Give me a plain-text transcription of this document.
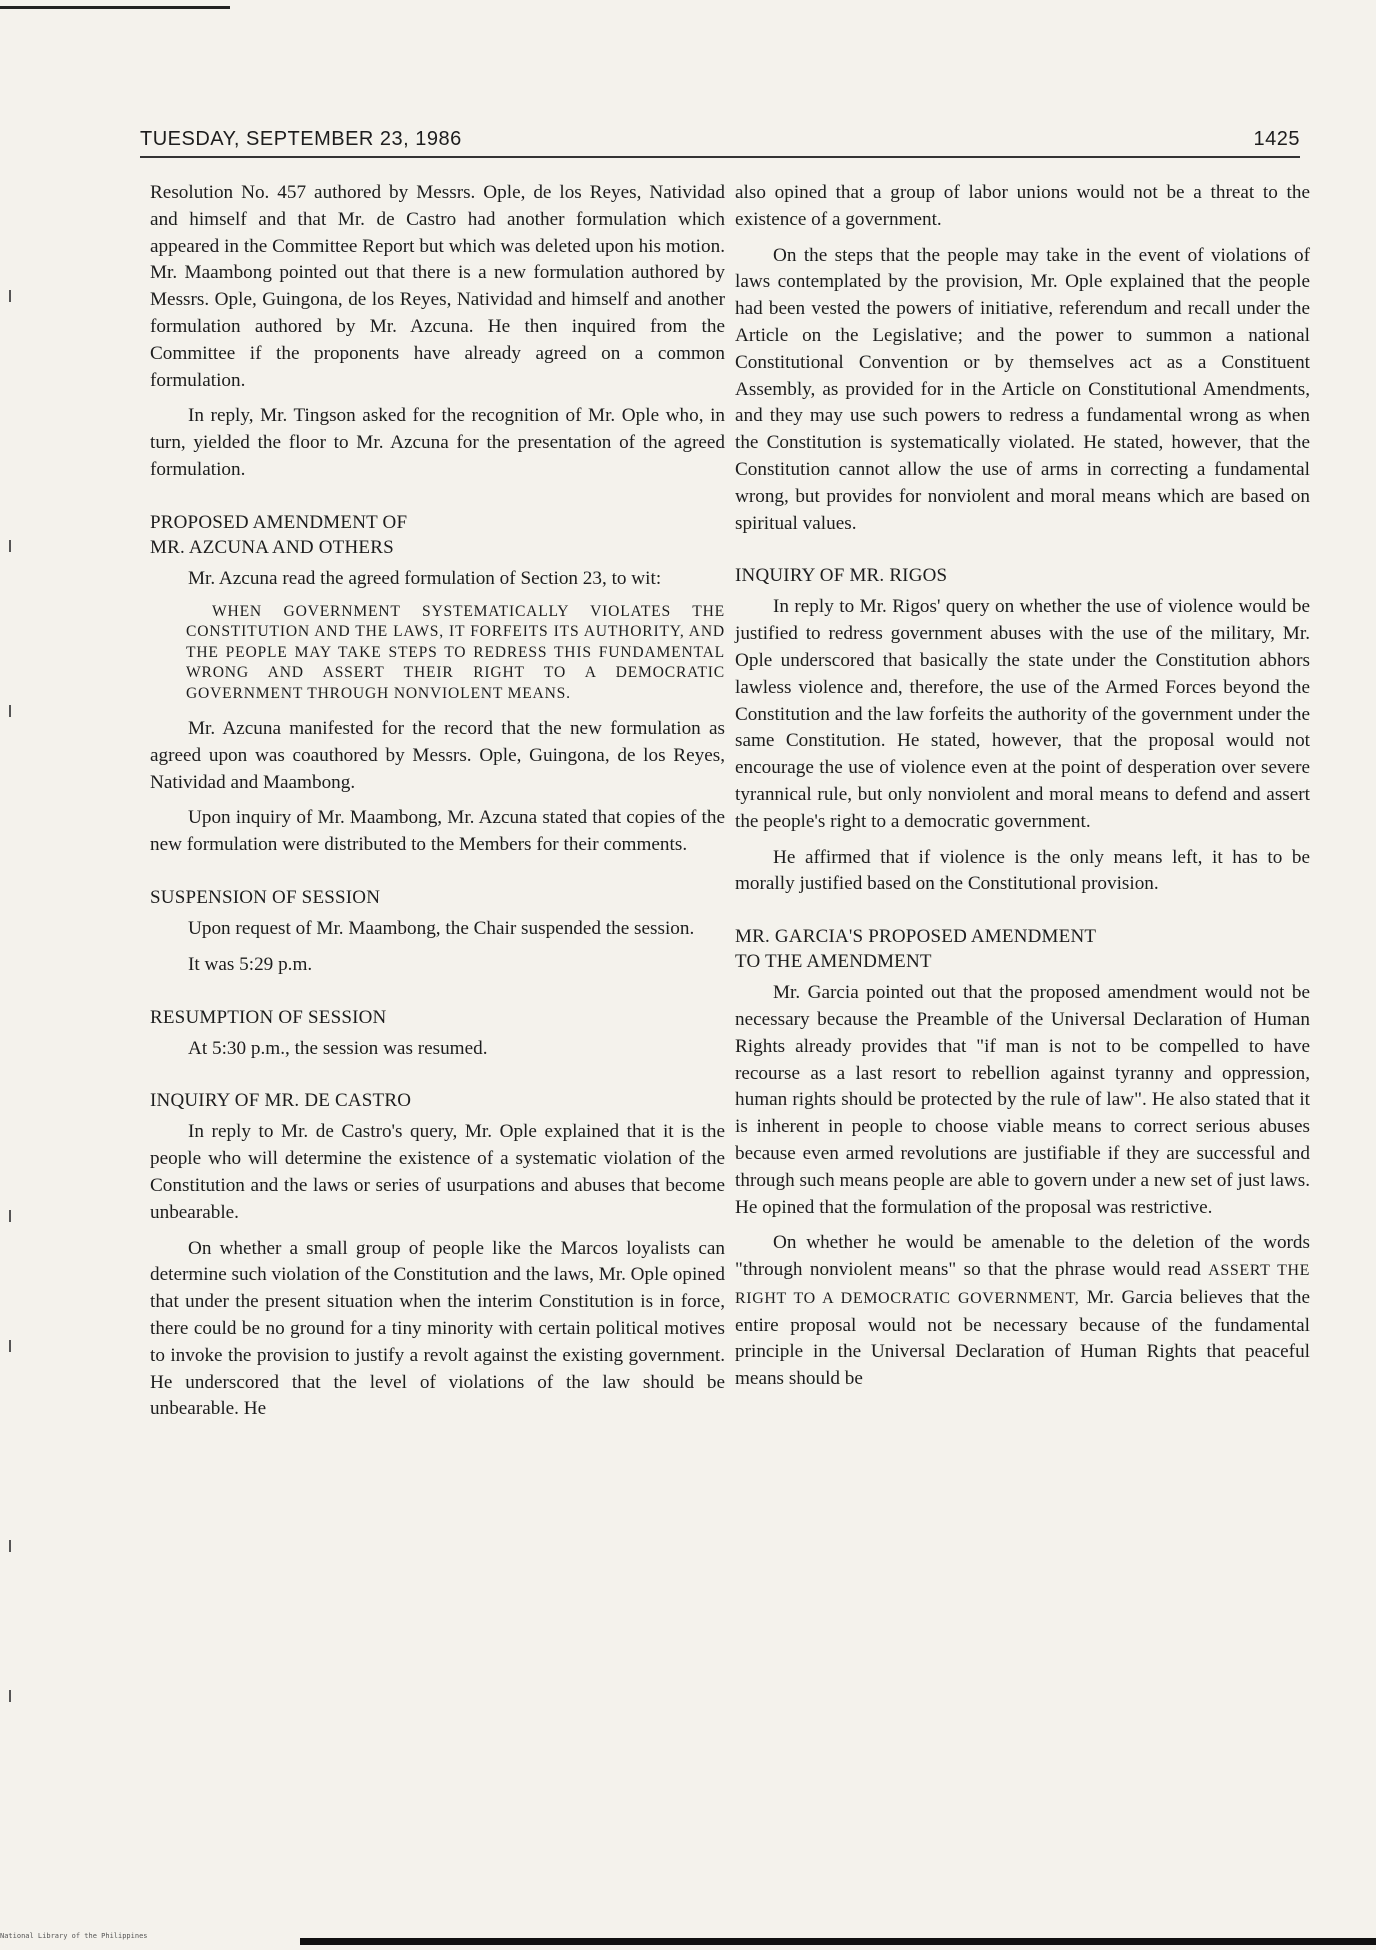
TUESDAY, SEPTEMBER 23, 1986	1425

Resolution No. 457 authored by Messrs. Ople, de los Reyes, Natividad and himself and that Mr. de Castro had another formulation which appeared in the Committee Report but which was deleted upon his motion. Mr. Maambong pointed out that there is a new formulation authored by Messrs. Ople, Guingona, de los Reyes, Natividad and himself and another formulation authored by Mr. Azcuna. He then inquired from the Committee if the proponents have already agreed on a common formulation.

In reply, Mr. Tingson asked for the recognition of Mr. Ople who, in turn, yielded the floor to Mr. Azcuna for the presentation of the agreed formulation.

PROPOSED AMENDMENT OF
MR. AZCUNA AND OTHERS

Mr. Azcuna read the agreed formulation of Section 23, to wit:

WHEN GOVERNMENT SYSTEMATICALLY VIOLATES THE CONSTITUTION AND THE LAWS, IT FORFEITS ITS AUTHORITY, AND THE PEOPLE MAY TAKE STEPS TO REDRESS THIS FUNDAMENTAL WRONG AND ASSERT THEIR RIGHT TO A DEMOCRATIC GOVERNMENT THROUGH NONVIOLENT MEANS.

Mr. Azcuna manifested for the record that the new formulation as agreed upon was coauthored by Messrs. Ople, Guingona, de los Reyes, Natividad and Maambong.

Upon inquiry of Mr. Maambong, Mr. Azcuna stated that copies of the new formulation were distributed to the Members for their comments.

SUSPENSION OF SESSION

Upon request of Mr. Maambong, the Chair suspended the session.

It was 5:29 p.m.

RESUMPTION OF SESSION

At 5:30 p.m., the session was resumed.

INQUIRY OF MR. DE CASTRO

In reply to Mr. de Castro's query, Mr. Ople explained that it is the people who will determine the existence of a systematic violation of the Constitution and the laws or series of usurpations and abuses that become unbearable.

On whether a small group of people like the Marcos loyalists can determine such violation of the Constitution and the laws, Mr. Ople opined that under the present situation when the interim Constitution is in force, there could be no ground for a tiny minority with certain political motives to invoke the provision to justify a revolt against the existing government. He underscored that the level of violations of the law should be unbearable. He

also opined that a group of labor unions would not be a threat to the existence of a government.

On the steps that the people may take in the event of violations of laws contemplated by the provision, Mr. Ople explained that the people had been vested the powers of initiative, referendum and recall under the Article on the Legislative; and the power to summon a national Constitutional Convention or by themselves act as a Constituent Assembly, as provided for in the Article on Constitutional Amendments, and they may use such powers to redress a fundamental wrong as when the Constitution is systematically violated. He stated, however, that the Constitution cannot allow the use of arms in correcting a fundamental wrong, but provides for nonviolent and moral means which are based on spiritual values.

INQUIRY OF MR. RIGOS

In reply to Mr. Rigos' query on whether the use of violence would be justified to redress government abuses with the use of the military, Mr. Ople underscored that basically the state under the Constitution abhors lawless violence and, therefore, the use of the Armed Forces beyond the Constitution and the law forfeits the authority of the government under the same Constitution. He stated, however, that the proposal would not encourage the use of violence even at the point of desperation over severe tyrannical rule, but only nonviolent and moral means to defend and assert the people's right to a democratic government.

He affirmed that if violence is the only means left, it has to be morally justified based on the Constitutional provision.

MR. GARCIA'S PROPOSED AMENDMENT
TO THE AMENDMENT

Mr. Garcia pointed out that the proposed amendment would not be necessary because the Preamble of the Universal Declaration of Human Rights already provides that "if man is not to be compelled to have recourse as a last resort to rebellion against tyranny and oppression, human rights should be protected by the rule of law". He also stated that it is inherent in people to choose viable means to correct serious abuses because even armed revolutions are justifiable if they are successful and through such means people are able to govern under a new set of just laws. He opined that the formulation of the proposal was restrictive.

On whether he would be amenable to the deletion of the words "through nonviolent means" so that the phrase would read ASSERT THE RIGHT TO A DEMOCRATIC GOVERNMENT, Mr. Garcia believes that the entire proposal would not be necessary because of the fundamental principle in the Universal Declaration of Human Rights that peaceful means should be

National Library of the Philippines
